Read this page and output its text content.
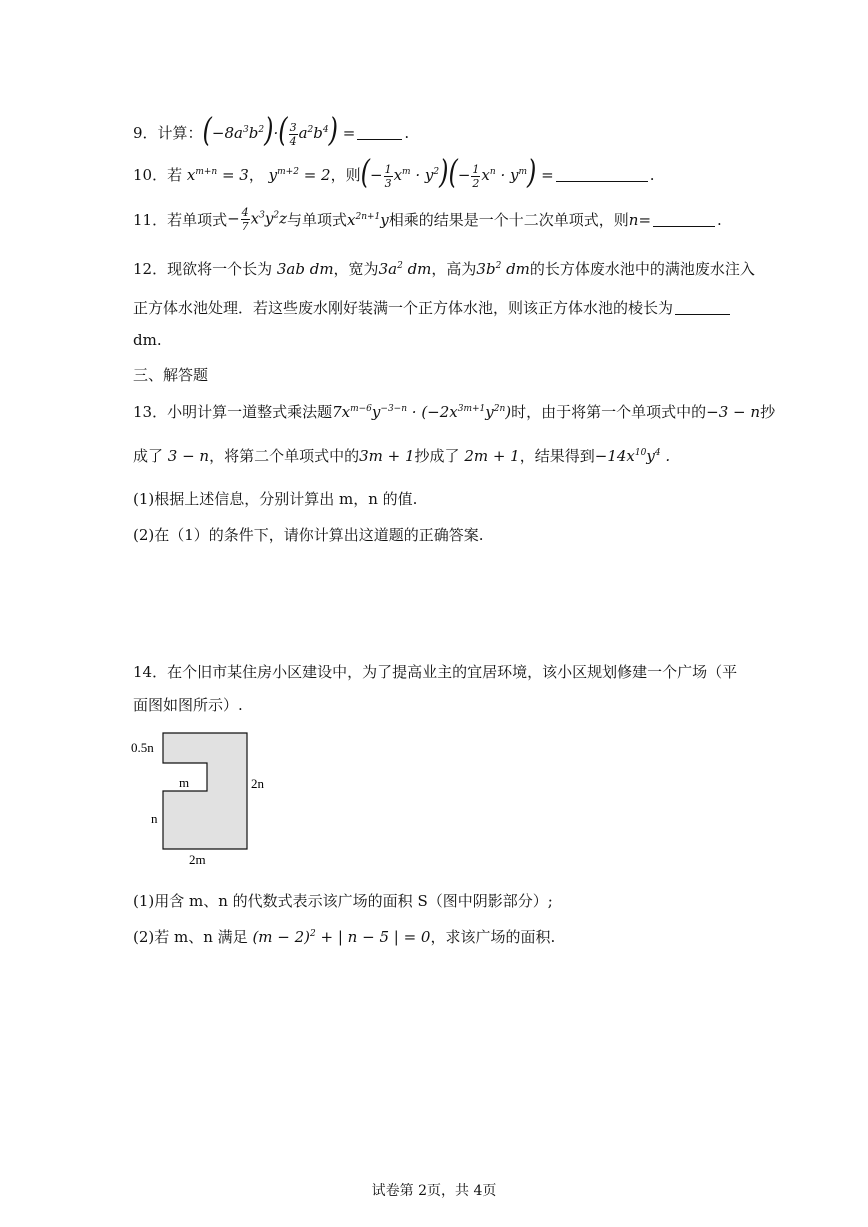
9．计算： $(-8a^3b^2)\cdot( \frac{3}{4} a^2b^4)$ =	.
10．若 $x^{m+n} = 3$ ， $y^{m+2} = 2$ ，则 (− $\frac{1}{3} x^m \cdot y^2)(- \frac{1}{2} x^n \cdot y^m)$ =	.
11．若单项式 − $\frac{4}{7} x^3y^2z$ 与单项式 $x^{2n+1}y$ 相乘的结果是一个十二次单项式，则 n =	.
12．现欲将一个长为 3ab dm ，宽为 $3a^2$ dm ，高为 $3b^2$ dm 的长方体废水池中的满池废水注入
正方体水池处理．若这些废水刚好装满一个正方体水池，则该正方体水池的棱长为
dm.
三、解答题
13．小明计算一道整式乘法题 $7x^{m-6}y^{-3-n} \cdot (-2x^{3m+1}y^{2n})$ 时，由于将第一个单项式中的 −3 − n 抄
成了 3 − n ，将第二个单项式中的 3m + 1 抄成了 2m + 1 ，结果得到 $-14x^{10}y^4$ .
(1)根据上述信息，分别计算出 m，n 的值.
(2)在（1）的条件下，请你计算出这道题的正确答案.
14．在个旧市某住房小区建设中，为了提高业主的宜居环境，该小区规划修建一个广场（平
面图如图所示）.
0.5n
m	2n
n
2m
(1)用含 m、n 的代数式表示该广场的面积 S（图中阴影部分）;
(2)若 m、n 满足 $(m - 2)^2$ + | n − 5 | = 0 ，求该广场的面积.
试卷第 2页，共 4页
